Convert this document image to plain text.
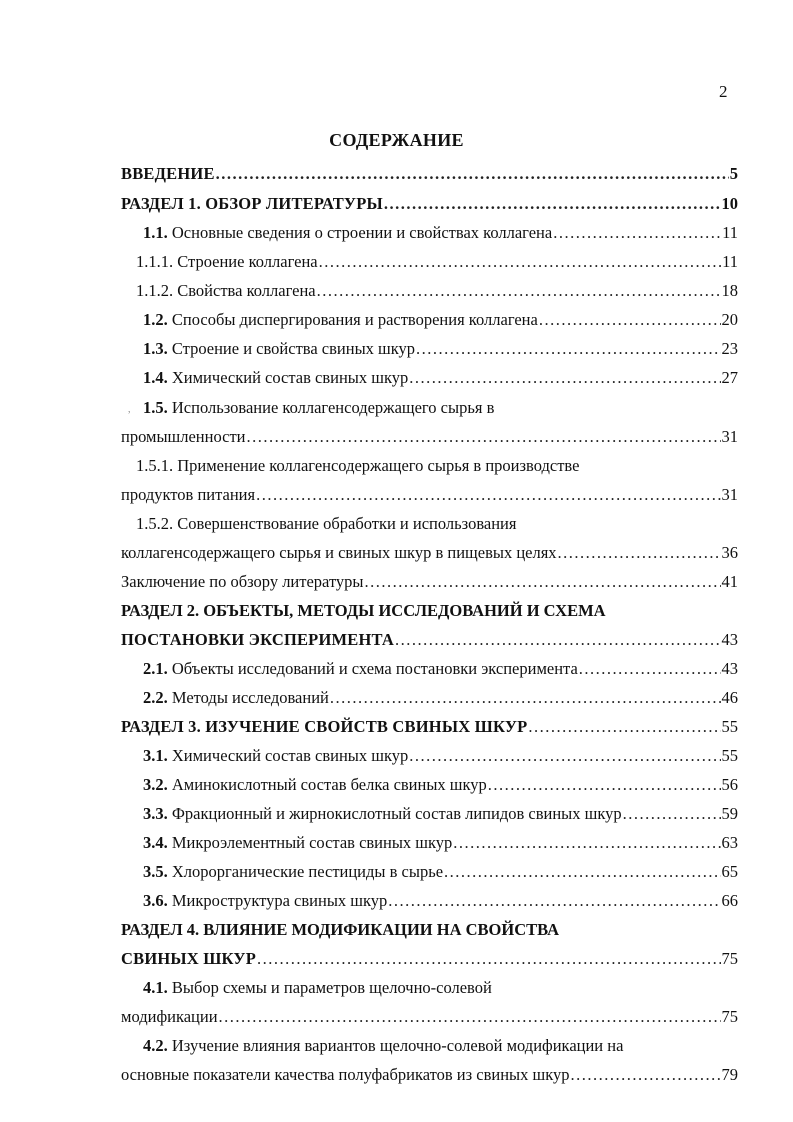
2
СОДЕРЖАНИЕ
ВВЕДЕНИЕ .....	5
РАЗДЕЛ 1. ОБЗОР ЛИТЕРАТУРЫ .....	10
1.1. Основные сведения о строении и свойствах коллагена .....	11
1.1.1. Строение коллагена .....	11
1.1.2. Свойства коллагена .....	18
1.2. Способы диспергирования и растворения коллагена .....	20
1.3. Строение и свойства свиных шкур .....	23
1.4. Химический состав свиных шкур .....	27
, 1.5. Использование коллагенсодержащего сырья в
промышленности .....	31
1.5.1. Применение коллагенсодержащего сырья в производстве
продуктов питания .....	31
1.5.2. Совершенствование обработки и использования
коллагенсодержащего сырья и свиных шкур в пищевых целях .....	36
Заключение по обзору литературы .....	41
РАЗДЕЛ 2. ОБЪЕКТЫ, МЕТОДЫ ИССЛЕДОВАНИЙ И СХЕМА
ПОСТАНОВКИ ЭКСПЕРИМЕНТА .....	43
2.1. Объекты исследований и схема постановки эксперимента .....	43
2.2. Методы исследований .....	46
РАЗДЕЛ 3. ИЗУЧЕНИЕ СВОЙСТВ СВИНЫХ ШКУР .....	55
3.1. Химический состав свиных шкур .....	55
3.2. Аминокислотный состав белка свиных шкур .....	56
3.3. Фракционный и жирнокислотный состав липидов свиных шкур .....	59
3.4. Микроэлементный состав свиных шкур .....	63
3.5. Хлорорганические пестициды в сырье .....	65
3.6. Микроструктура свиных шкур .....	66
РАЗДЕЛ 4. ВЛИЯНИЕ МОДИФИКАЦИИ НА СВОЙСТВА
СВИНЫХ ШКУР .....	75
4.1. Выбор схемы и параметров щелочно-солевой
модификации .....	75
4.2. Изучение влияния вариантов щелочно-солевой модификации на
основные показатели качества полуфабрикатов из свиных шкур .....	79
